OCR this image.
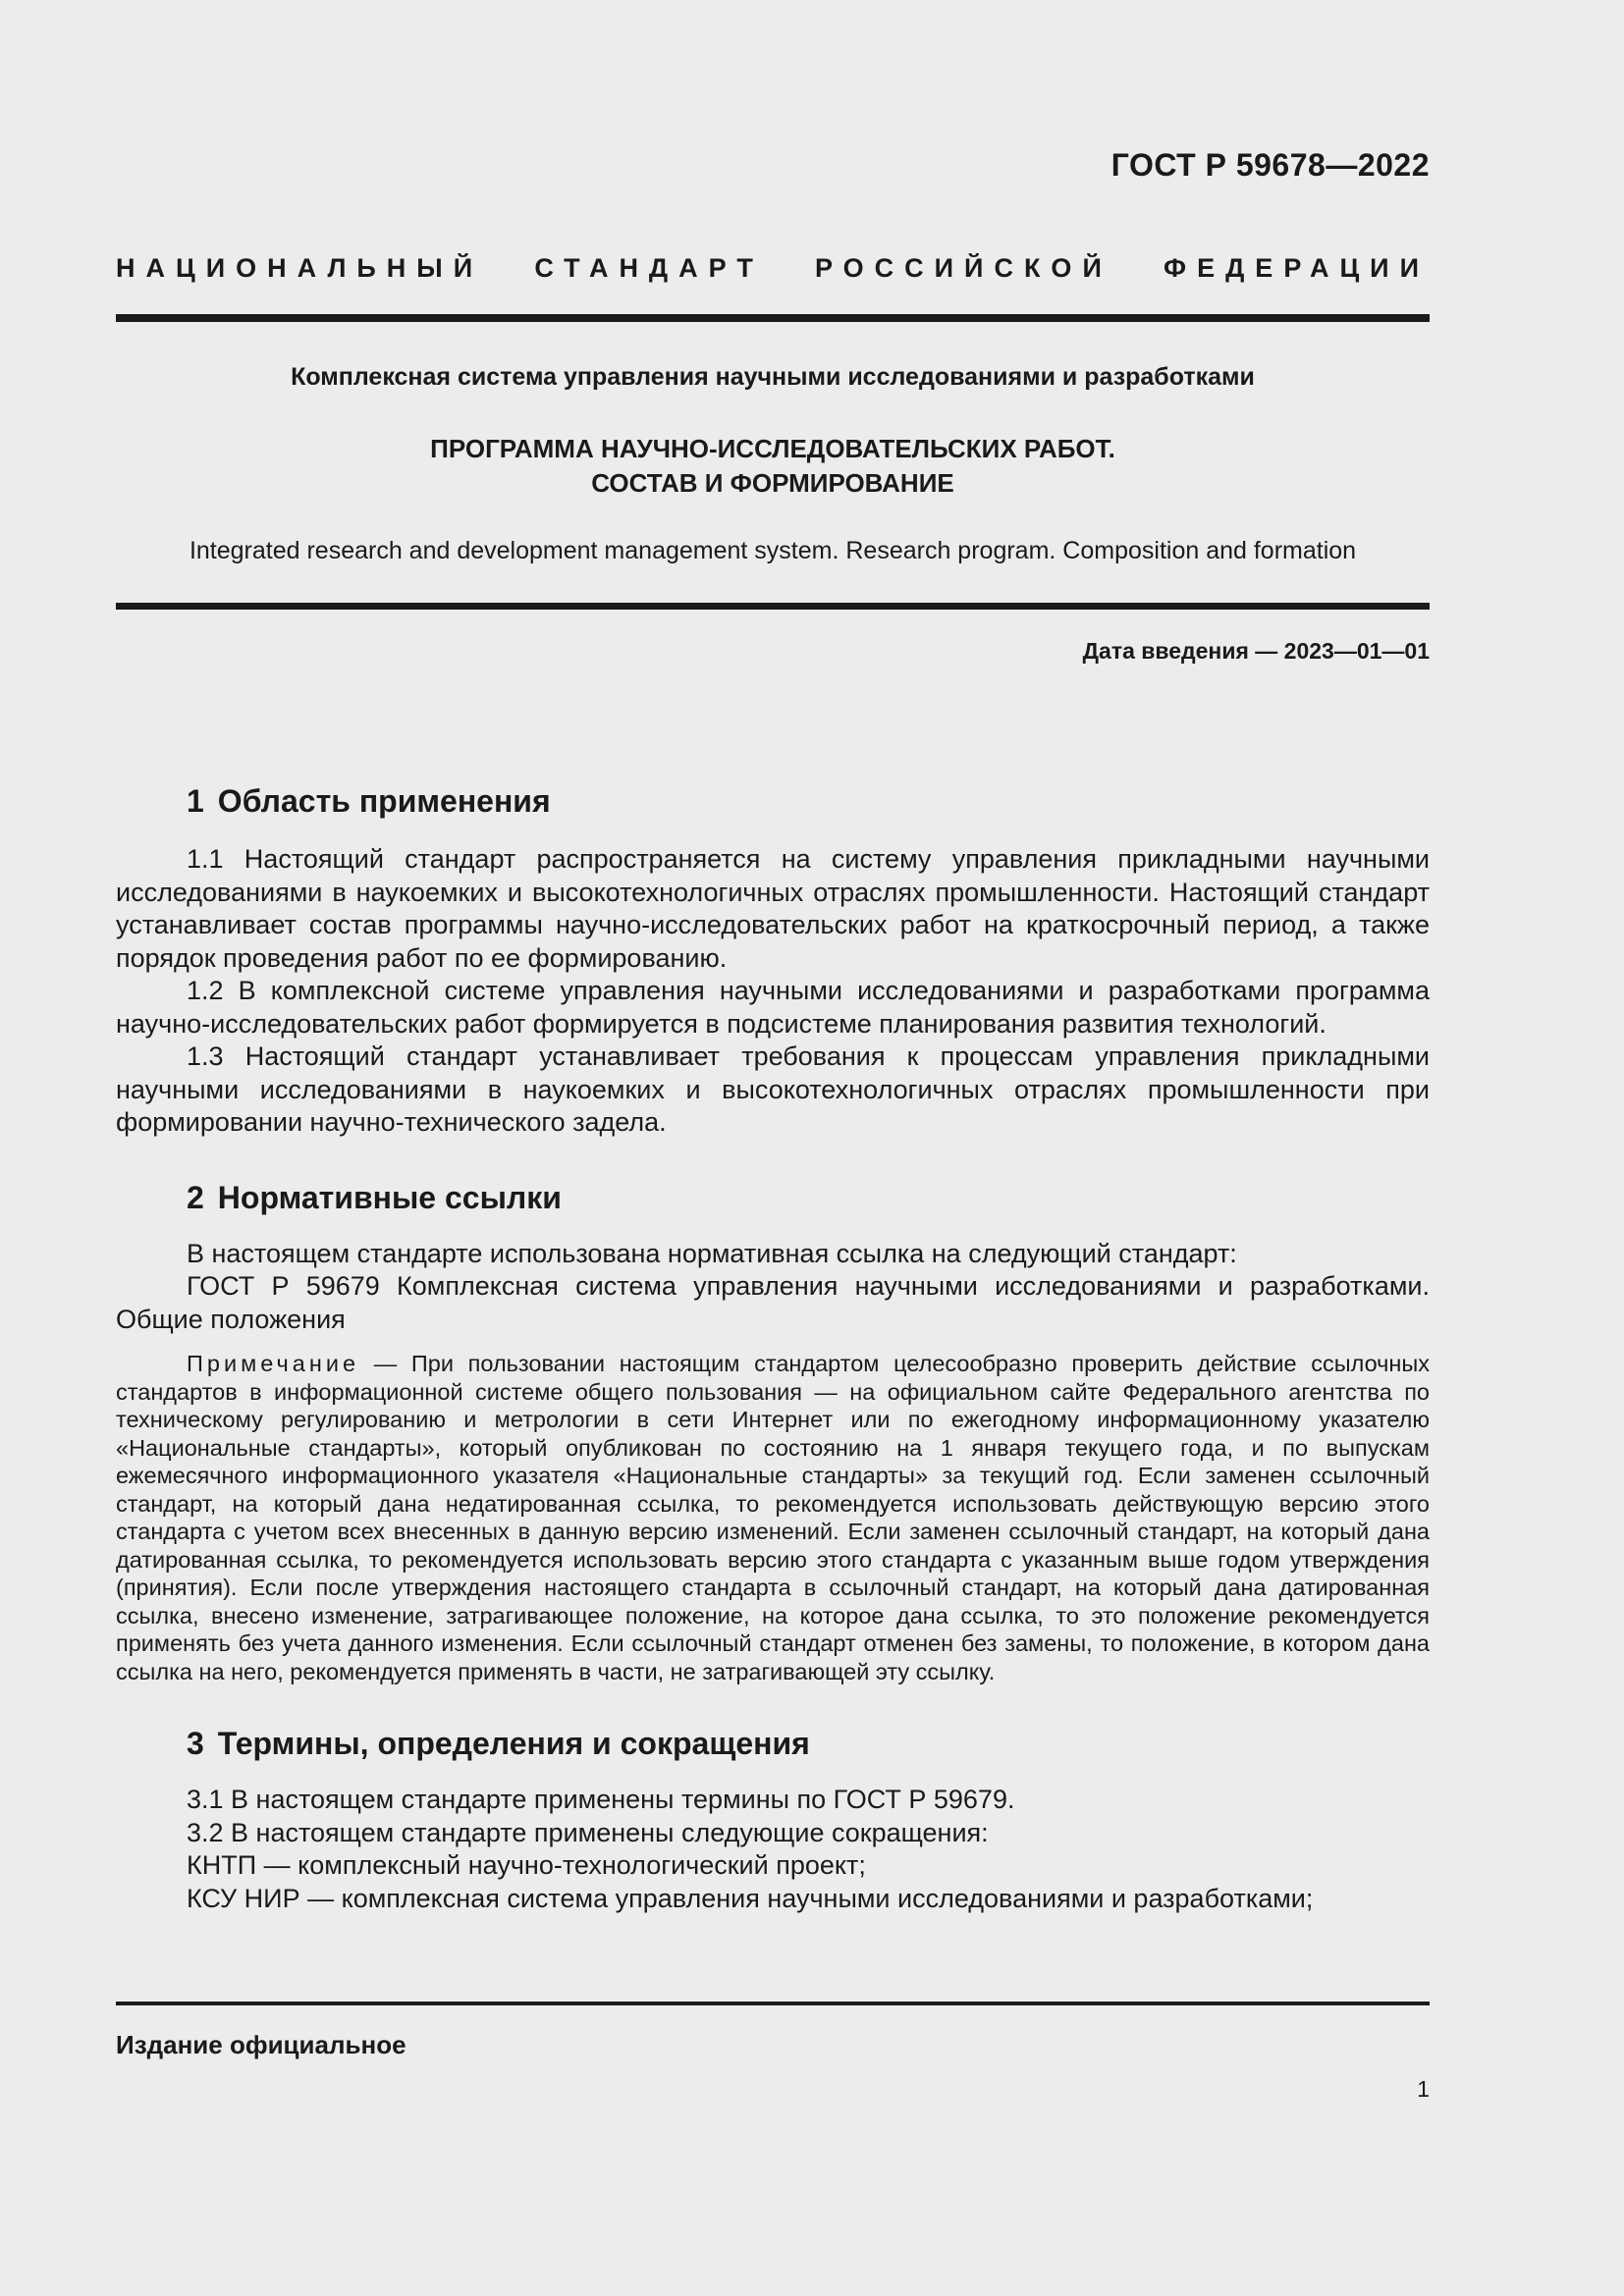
ГОСТ Р 59678—2022
НАЦИОНАЛЬНЫЙ СТАНДАРТ РОССИЙСКОЙ ФЕДЕРАЦИИ
Комплексная система управления научными исследованиями и разработками
ПРОГРАММА НАУЧНО-ИССЛЕДОВАТЕЛЬСКИХ РАБОТ.
СОСТАВ И ФОРМИРОВАНИЕ
Integrated research and development management system. Research program. Composition and formation
Дата введения — 2023—01—01
1 Область применения

1.1 Настоящий стандарт распространяется на систему управления прикладными научными исследованиями в наукоемких и высокотехнологичных отраслях промышленности. Настоящий стандарт устанавливает состав программы научно-исследовательских работ на краткосрочный период, а также порядок проведения работ по ее формированию.

1.2 В комплексной системе управления научными исследованиями и разработками программа научно-исследовательских работ формируется в подсистеме планирования развития технологий.

1.3 Настоящий стандарт устанавливает требования к процессам управления прикладными научными исследованиями в наукоемких и высокотехнологичных отраслях промышленности при формировании научно-технического задела.

2 Нормативные ссылки

В настоящем стандарте использована нормативная ссылка на следующий стандарт:

ГОСТ Р 59679 Комплексная система управления научными исследованиями и разработками. Общие положения

Примечание — При пользовании настоящим стандартом целесообразно проверить действие ссылочных стандартов в информационной системе общего пользования — на официальном сайте Федерального агентства по техническому регулированию и метрологии в сети Интернет или по ежегодному информационному указателю «Национальные стандарты», который опубликован по состоянию на 1 января текущего года, и по выпускам ежемесячного информационного указателя «Национальные стандарты» за текущий год. Если заменен ссылочный стандарт, на который дана недатированная ссылка, то рекомендуется использовать действующую версию этого стандарта с учетом всех внесенных в данную версию изменений. Если заменен ссылочный стандарт, на который дана датированная ссылка, то рекомендуется использовать версию этого стандарта с указанным выше годом утверждения (принятия). Если после утверждения настоящего стандарта в ссылочный стандарт, на который дана датированная ссылка, внесено изменение, затрагивающее положение, на которое дана ссылка, то это положение рекомендуется применять без учета данного изменения. Если ссылочный стандарт отменен без замены, то положение, в котором дана ссылка на него, рекомендуется применять в части, не затрагивающей эту ссылку.

3 Термины, определения и сокращения

3.1 В настоящем стандарте применены термины по ГОСТ Р 59679.

3.2 В настоящем стандарте применены следующие сокращения:

КНТП — комплексный научно-технологический проект;

КСУ НИР — комплексная система управления научными исследованиями и разработками;

Издание официальное
1
